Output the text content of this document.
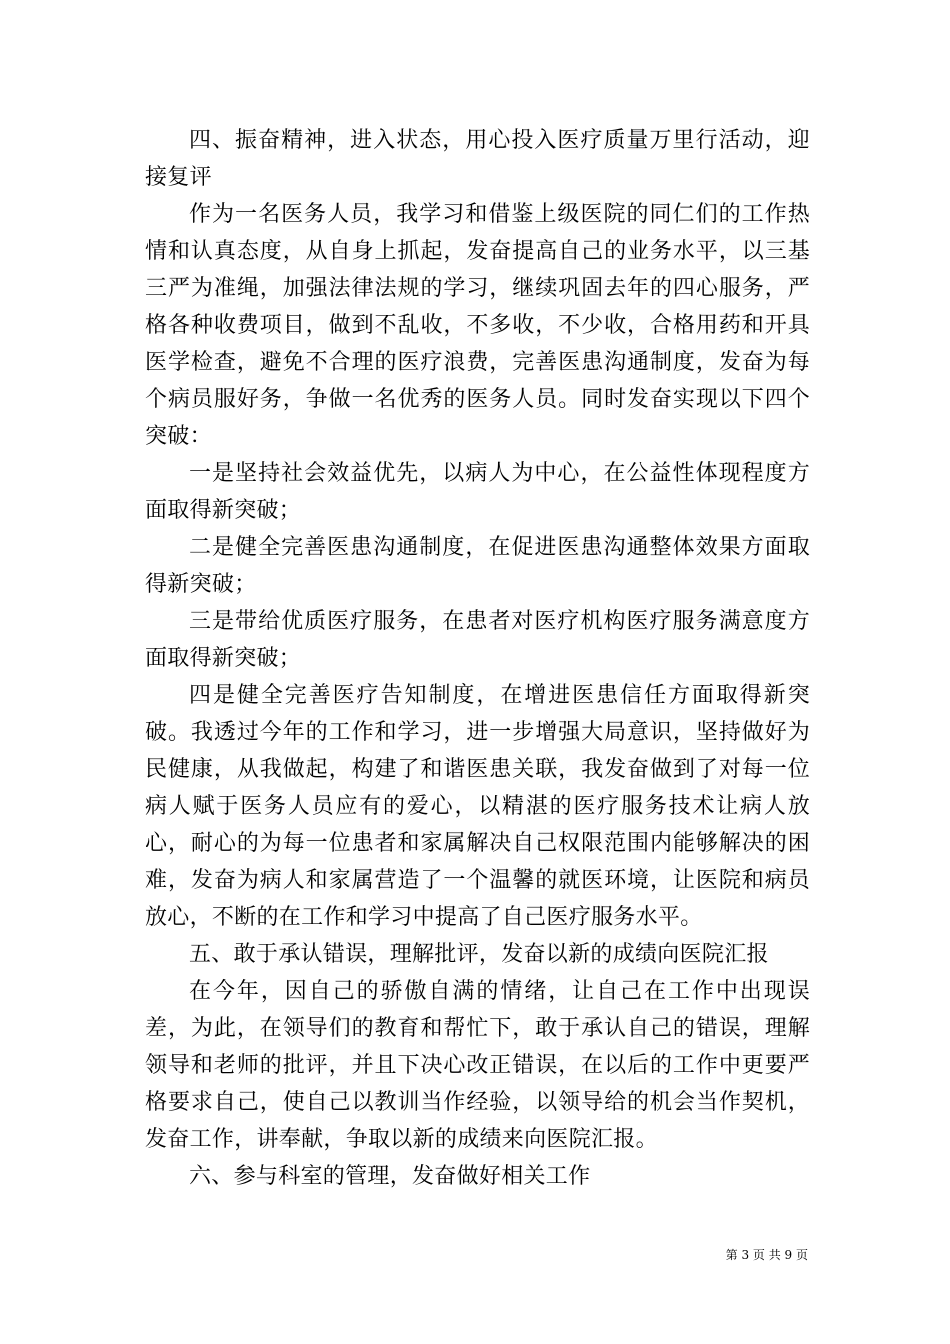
四、振奋精神，进入状态，用心投入医疗质量万里行活动，迎接复评

作为一名医务人员，我学习和借鉴上级医院的同仁们的工作热情和认真态度，从自身上抓起，发奋提高自己的业务水平，以三基三严为准绳，加强法律法规的学习，继续巩固去年的四心服务，严格各种收费项目，做到不乱收，不多收，不少收，合格用药和开具医学检查，避免不合理的医疗浪费，完善医患沟通制度，发奋为每个病员服好务，争做一名优秀的医务人员。同时发奋实现以下四个突破：

一是坚持社会效益优先，以病人为中心，在公益性体现程度方面取得新突破；

二是健全完善医患沟通制度，在促进医患沟通整体效果方面取得新突破；

三是带给优质医疗服务，在患者对医疗机构医疗服务满意度方面取得新突破；

四是健全完善医疗告知制度，在增进医患信任方面取得新突破。我透过今年的工作和学习，进一步增强大局意识，坚持做好为民健康，从我做起，构建了和谐医患关联，我发奋做到了对每一位病人赋于医务人员应有的爱心，以精湛的医疗服务技术让病人放心，耐心的为每一位患者和家属解决自己权限范围内能够解决的困难，发奋为病人和家属营造了一个温馨的就医环境，让医院和病员放心，不断的在工作和学习中提高了自己医疗服务水平。

五、敢于承认错误，理解批评，发奋以新的成绩向医院汇报

在今年，因自己的骄傲自满的情绪，让自己在工作中出现误差，为此，在领导们的教育和帮忙下，敢于承认自己的错误，理解领导和老师的批评，并且下决心改正错误，在以后的工作中更要严格要求自己，使自己以教训当作经验，以领导给的机会当作契机，发奋工作，讲奉献，争取以新的成绩来向医院汇报。

六、参与科室的管理，发奋做好相关工作

第 3 页 共 9 页
